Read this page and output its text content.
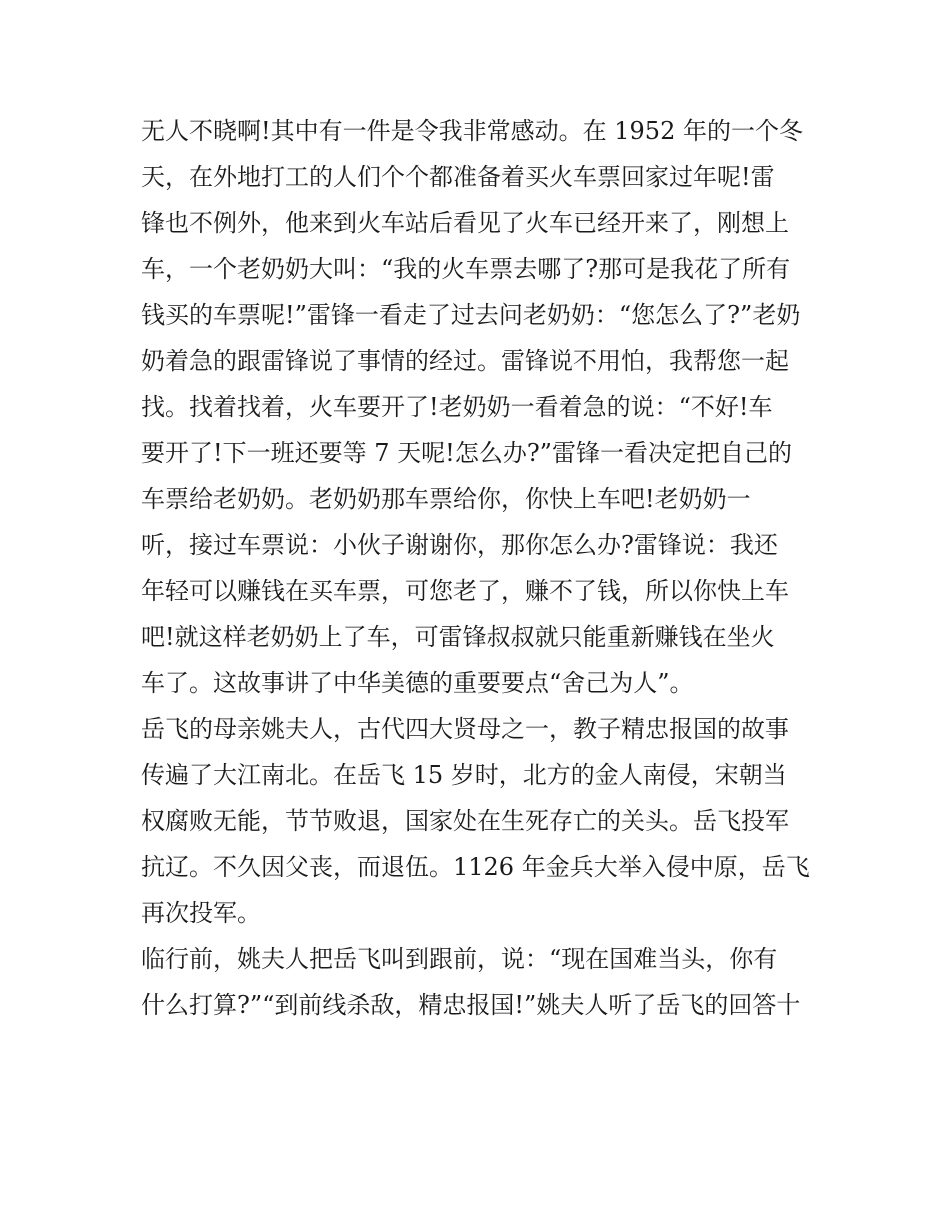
无人不晓啊!其中有一件是令我非常感动。在 1952 年的一个冬
天，在外地打工的人们个个都准备着买火车票回家过年呢!雷
锋也不例外，他来到火车站后看见了火车已经开来了，刚想上
车，一个老奶奶大叫：“我的火车票去哪了?那可是我花了所有
钱买的车票呢!”雷锋一看走了过去问老奶奶：“您怎么了?”老奶
奶着急的跟雷锋说了事情的经过。雷锋说不用怕，我帮您一起
找。找着找着，火车要开了!老奶奶一看着急的说：“不好!车
要开了!下一班还要等 7 天呢!怎么办?”雷锋一看决定把自己的
车票给老奶奶。老奶奶那车票给你，你快上车吧!老奶奶一
听，接过车票说：小伙子谢谢你，那你怎么办?雷锋说：我还
年轻可以赚钱在买车票，可您老了，赚不了钱，所以你快上车
吧!就这样老奶奶上了车，可雷锋叔叔就只能重新赚钱在坐火
车了。这故事讲了中华美德的重要要点“舍己为人”。
岳飞的母亲姚夫人，古代四大贤母之一，教子精忠报国的故事
传遍了大江南北。在岳飞 15 岁时，北方的金人南侵，宋朝当
权腐败无能，节节败退，国家处在生死存亡的关头。岳飞投军
抗辽。不久因父丧，而退伍。1126 年金兵大举入侵中原，岳飞
再次投军。
临行前，姚夫人把岳飞叫到跟前，说：“现在国难当头，你有
什么打算?”“到前线杀敌，精忠报国!”姚夫人听了岳飞的回答十
